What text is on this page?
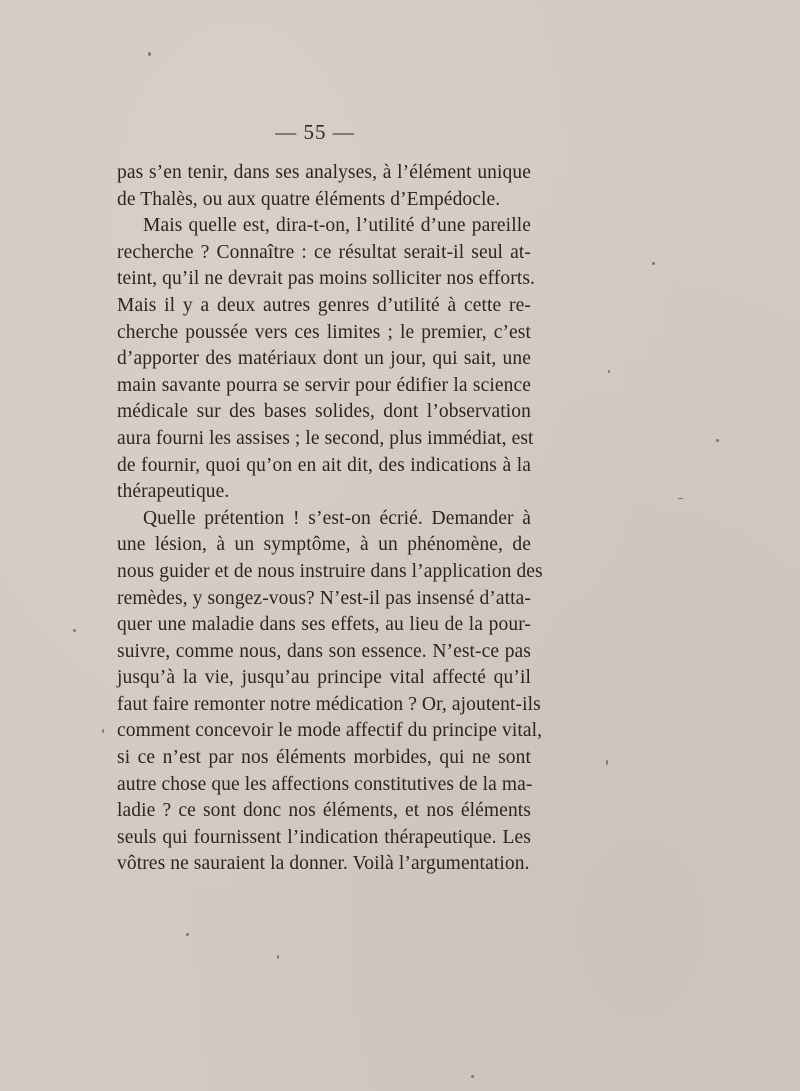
— 55 —
pas s’en tenir, dans ses analyses, à l’élément unique
de Thalès, ou aux quatre éléments d’Empédocle.
Mais quelle est, dira-t-on, l’utilité d’une pareille
recherche ? Connaître : ce résultat serait-il seul at-
teint, qu’il ne devrait pas moins solliciter nos efforts.
Mais il y a deux autres genres d’utilité à cette re-
cherche poussée vers ces limites ; le premier, c’est
d’apporter des matériaux dont un jour, qui sait, une
main savante pourra se servir pour édifier la science
médicale sur des bases solides, dont l’observation
aura fourni les assises ; le second, plus immédiat, est
de fournir, quoi qu’on en ait dit, des indications à la
thérapeutique.
Quelle prétention ! s’est-on écrié. Demander à
une lésion, à un symptôme, à un phénomène, de
nous guider et de nous instruire dans l’application des
remèdes, y songez-vous? N’est-il pas insensé d’atta-
quer une maladie dans ses effets, au lieu de la pour-
suivre, comme nous, dans son essence. N’est-ce pas
jusqu’à la vie, jusqu’au principe vital affecté qu’il
faut faire remonter notre médication ? Or, ajoutent-ils
comment concevoir le mode affectif du principe vital,
si ce n’est par nos éléments morbides, qui ne sont
autre chose que les affections constitutives de la ma-
ladie ? ce sont donc nos éléments, et nos éléments
seuls qui fournissent l’indication thérapeutique. Les
vôtres ne sauraient la donner. Voilà l’argumentation.
